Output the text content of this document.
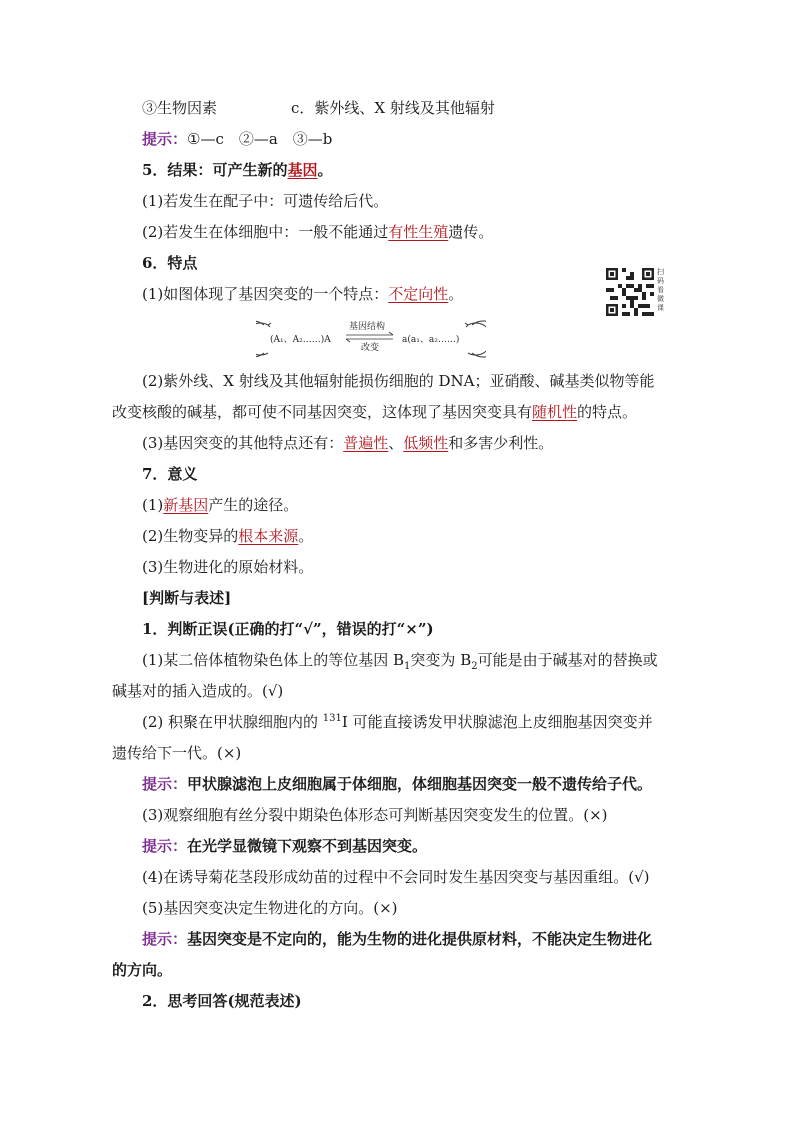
③生物因素	c．紫外线、X 射线及其他辐射
提示：①—c　②—a　③—b
5．结果：可产生新的基因。
(1)若发生在配子中：可遗传给后代。
(2)若发生在体细胞中：一般不能通过有性生殖遗传。
6．特点	扫码看微课
(1)如图体现了基因突变的一个特点：不定向性。
(A₁、A₂……)A
基因结构
改变
a(a₁、a₂……)
(2)紫外线、X 射线及其他辐射能损伤细胞的 DNA；亚硝酸、碱基类似物等能
改变核酸的碱基，都可使不同基因突变，这体现了基因突变具有随机性的特点。
(3)基因突变的其他特点还有：普遍性、低频性和多害少利性。
7．意义
(1)新基因产生的途径。
(2)生物变异的根本来源。
(3)生物进化的原始材料。
[判断与表述]
1．判断正误(正确的打“√”，错误的打“×”)
(1)某二倍体植物染色体上的等位基因 $B_1$突变为 $B_2$可能是由于碱基对的替换或
碱基对的插入造成的。(√)
(2) 积聚在甲状腺细胞内的 $^{131}$I 可能直接诱发甲状腺滤泡上皮细胞基因突变并
遗传给下一代。(×)
提示：甲状腺滤泡上皮细胞属于体细胞，体细胞基因突变一般不遗传给子代。
(3)观察细胞有丝分裂中期染色体形态可判断基因突变发生的位置。(×)
提示：在光学显微镜下观察不到基因突变。
(4)在诱导菊花茎段形成幼苗的过程中不会同时发生基因突变与基因重组。(√)
(5)基因突变决定生物进化的方向。(×)
提示：基因突变是不定向的，能为生物的进化提供原材料，不能决定生物进化
的方向。
2．思考回答(规范表述)
